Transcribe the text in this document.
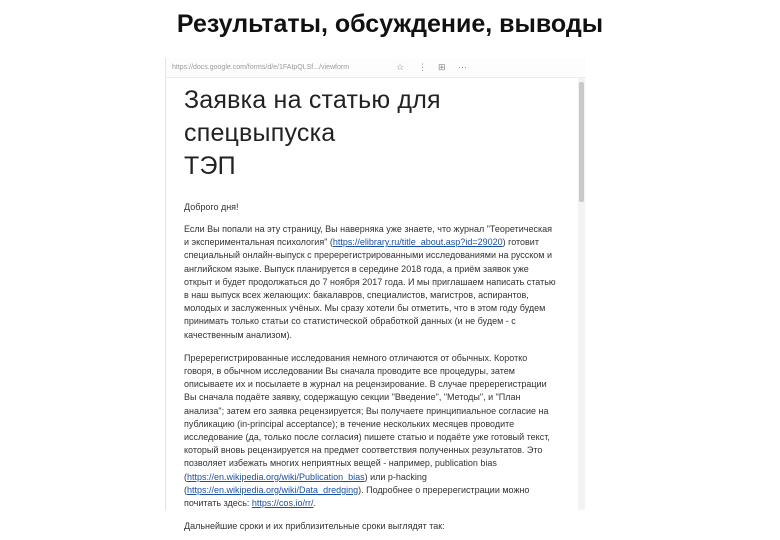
Результаты, обсуждение, выводы
https://docs.google.com/forms/d/e/1FAIpQLSf.../viewform	☆ ⋮ ⊞ ⋯
Заявка на статью для спецвыпуска
ТЭП

Доброго дня!

Если Вы попали на эту страницу, Вы наверняка уже знаете, что журнал "Теоретическая и экспериментальная психология" (https://elibrary.ru/title_about.asp?id=29020) готовит специальный онлайн-выпуск с преререгистрированными исследованиями на русском и английском языке. Выпуск планируется в середине 2018 года, а приём заявок уже открыт и будет продолжаться до 7 ноября 2017 года. И мы приглашаем написать статью в наш выпуск всех желающих: бакалавров, специалистов, магистров, аспирантов, молодых и заслуженных учёных. Мы сразу хотели бы отметить, что в этом году будем принимать только статьи со статистической обработкой данных (и не будем - с качественным анализом).

Преререгистрированные исследования немного отличаются от обычных. Коротко говоря, в обычном исследовании Вы сначала проводите все процедуры, затем описываете их и посылаете в журнал на рецензирование. В случае преререгистрации Вы сначала подаёте заявку, содержащую секции "Введение", "Методы", и "План анализа"; затем его заявка рецензируется; Вы получаете принципиальное согласие на публикацию (in-principal acceptance); в течение нескольких месяцев проводите исследование (да, только после согласия) пишете статью и подаёте уже готовый текст, который вновь рецензируется на предмет соответствия полученных результатов. Это позволяет избежать многих неприятных вещей - например, publication bias (https://en.wikipedia.org/wiki/Publication_bias) или p-hacking (https://en.wikipedia.org/wiki/Data_dredging). Подробнее о преререгистрации можно почитать здесь: https://cos.io/rr/.

Дальнейшие сроки и их приблизительные сроки выглядят так:
